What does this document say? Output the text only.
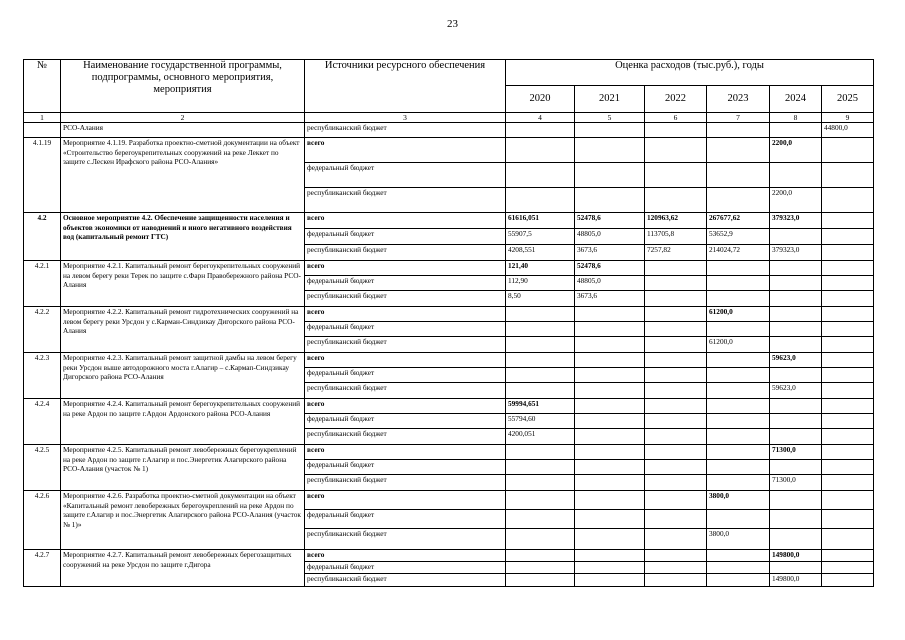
23
№	Наименование государственной программы, подпрограммы, основного мероприятия, мероприятия	Источники ресурсного обеспечения	Оценка расходов (тыс.руб.), годы					
			2020	2021	2022	2023	2024	2025
1	2	3	4	5	6	7	8	9
	РСО-Алания	республиканский бюджет						44800,0
4.1.19	Мероприятие 4.1.19. Разработка проектно-сметной документации на объект «Строительство берегоукрепительных сооружений на реке Леккет по защите с.Лескен Ирафского района РСО-Алания»	всего					2200,0	
		федеральный бюджет						
		республиканский бюджет					2200,0	
4.2	Основное мероприятие 4.2. Обеспечение защищенности населения и объектов экономики от наводнений и иного негативного воздействия вод (капитальный ремонт ГТС)	всего	61616,051	52478,6	120963,62	267677,62	379323,0	
		федеральный бюджет	55907,5	48805,0	113705,8	53652,9		
		республиканский бюджет	4208,551	3673,6	7257,82	214024,72	379323,0	
4.2.1	Мероприятие 4.2.1. Капитальный ремонт берегоукрепительных сооружений на левом берегу реки Терек по защите с.Фарн Правобережного района РСО-Алания	всего	121,40	52478,6				
		федеральный бюджет	112,90	48805,0				
		республиканский бюджет	8,50	3673,6				
4.2.2	Мероприятие 4.2.2. Капитальный ремонт гидротехнических сооружений на левом берегу реки Урсдон у с.Карман-Синдзикау Дигорского района РСО-Алания	всего				61200,0		
		федеральный бюджет						
		республиканский бюджет				61200,0		
4.2.3	Мероприятие 4.2.3. Капитальный ремонт защитной дамбы на левом берегу реки Урсдон выше автодорожного моста г.Алагир – с.Кармап-Синдзикау Дигорского района РСО-Алания	всего					59623,0	
		федеральный бюджет						
		республиканский бюджет					59623,0	
4.2.4	Мероприятие 4.2.4. Капитальный ремонт берегоукрепительных сооружений на реке Ардон по защите г.Ардон Ардонского района РСО-Алания	всего	59994,651					
		федеральный бюджет	55794,60					
		республиканский бюджет	4200,051					
4.2.5	Мероприятие 4.2.5. Капитальный ремонт левобережных берегоукреплений на реке Ардон по защите г.Алагир и пос.Энергетик Алагирского района РСО-Алания (участок № 1)	всего					71300,0	
		федеральный бюджет						
		республиканский бюджет					71300,0	
4.2.6	Мероприятие 4.2.6. Разработка проектно-сметной документации на объект «Капитальный ремонт левобережных берегоукреплений на реке Ардон по защите г.Алагир и пос.Энергетик Алагирского района РСО-Алания (участок № 1)»	всего				3800,0		
		федеральный бюджет						
		республиканский бюджет				3800,0		
4.2.7	Мероприятие 4.2.7. Капитальный ремонт левобережных берегозащитных сооружений на реке Урсдон по защите г.Дигора	всего					149800,0	
		федеральный бюджет						
		республиканский бюджет					149800,0	
